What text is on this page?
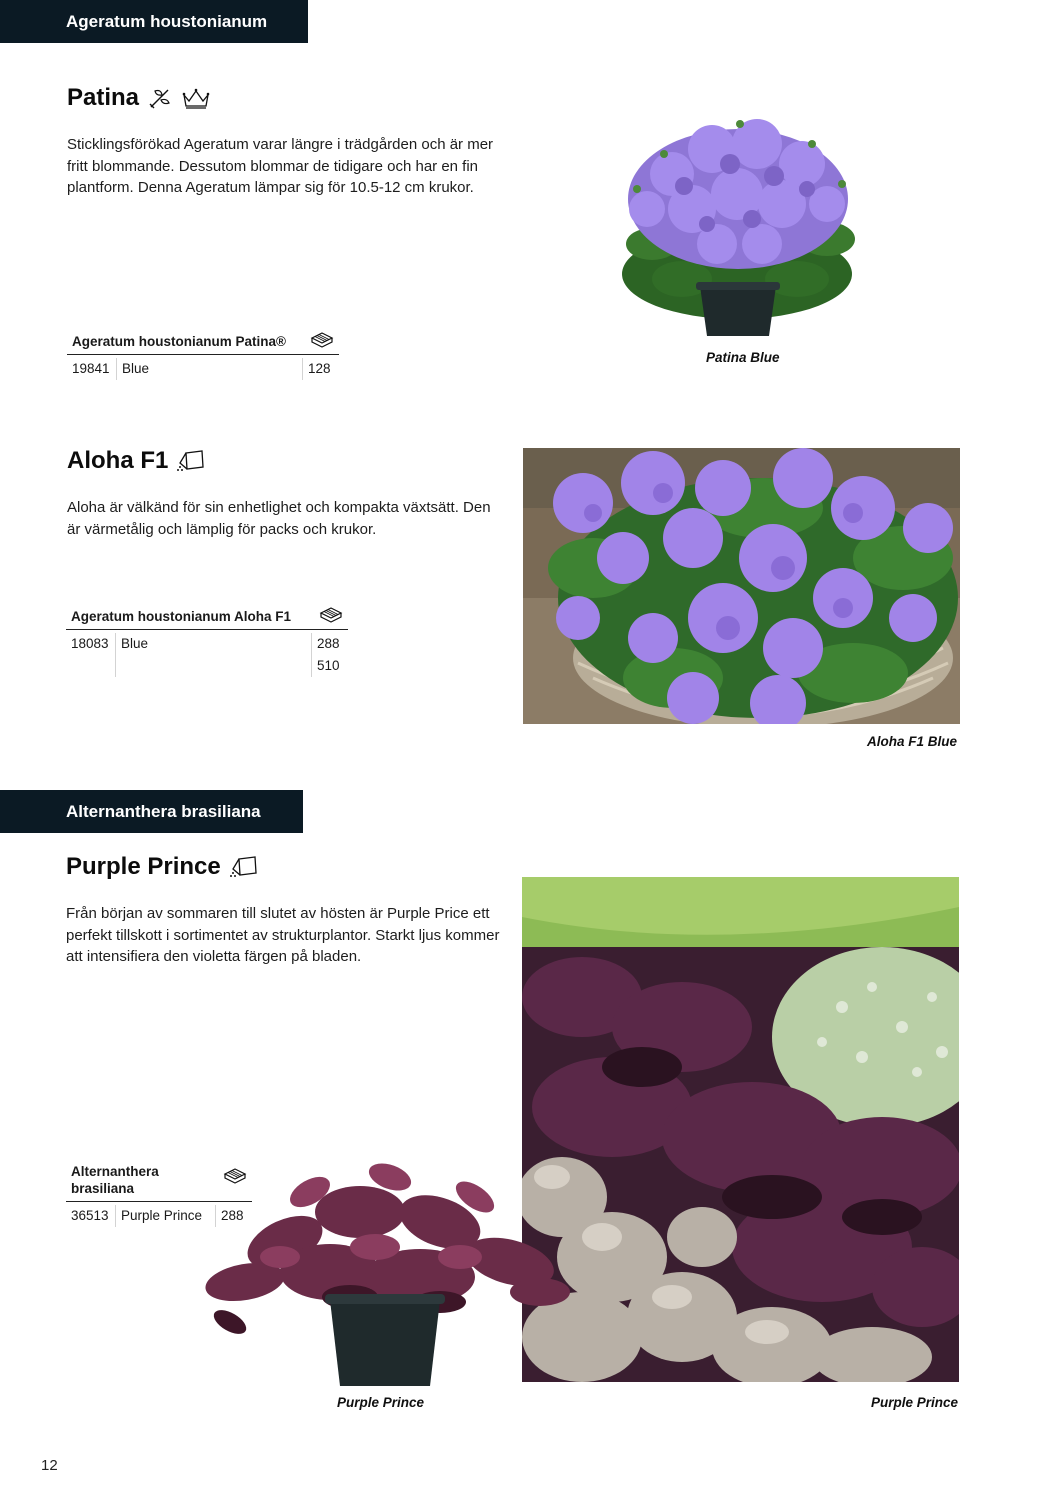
Ageratum houstonianum
Patina
Sticklingsförökad Ageratum varar längre i trädgården och är mer fritt blommande. Dessutom blommar de tidigare och har en fin plantform. Denna Ageratum lämpar sig för 10.5-12 cm krukor.
Ageratum houstonianum Patina®
19841 Blue	128
Patina Blue
Aloha F1
Aloha är välkänd för sin enhetlighet och kompakta växtsätt. Den är värmetålig och lämplig för packs och krukor.
Ageratum houstonianum Aloha F1
18083 Blue	288
510
Aloha F1 Blue
Alternanthera brasiliana
Purple Prince
Från början av sommaren till slutet av hösten är Purple Price ett perfekt tillskott i sortimentet av strukturplantor. Starkt ljus kommer att intensifiera den violetta färgen på bladen.
Alternanthera
brasiliana
36513 Purple Prince	288
Purple Prince	Purple Prince
12
